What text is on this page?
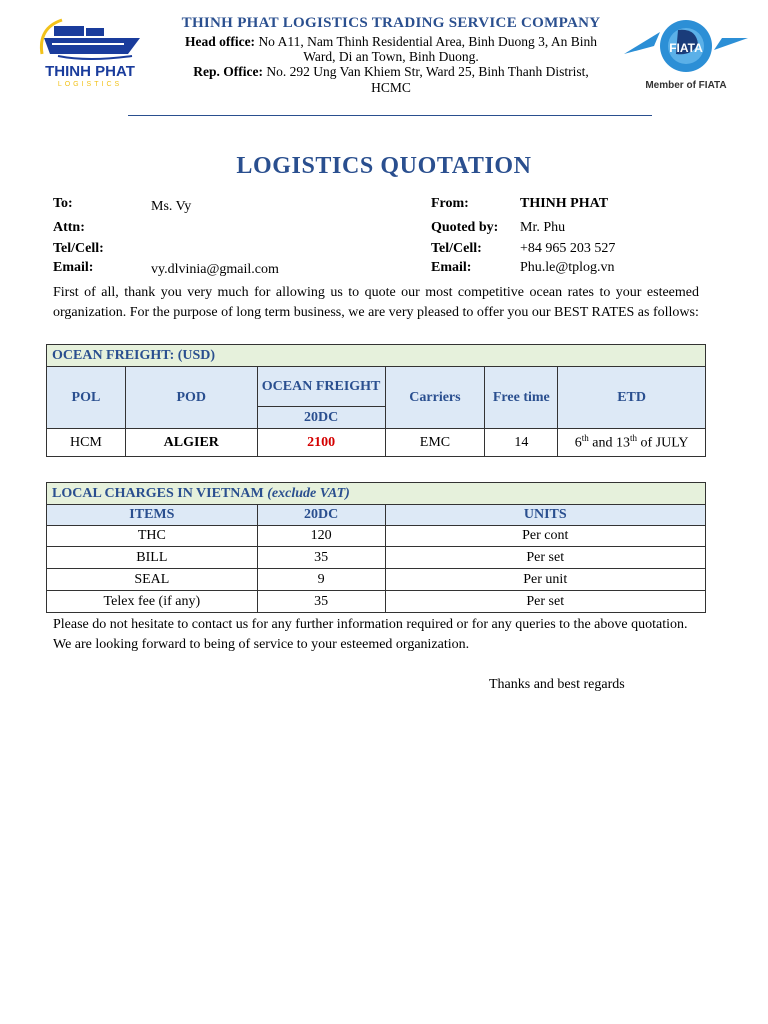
THINH PHAT
LOGISTICS
THINH PHAT LOGISTICS TRADING SERVICE COMPANY
Head office: No A11, Nam Thinh Residential Area, Binh Duong 3, An Binh
Ward, Di an Town, Binh Duong.
Rep. Office: No. 292 Ung Van Khiem Str, Ward 25, Binh Thanh Distrist,
HCMC
FIATA
Member of FIATA
LOGISTICS QUOTATION
To:	Ms. Vy
Attn:
Tel/Cell:
Email:	vy.dlvinia@gmail.com
From:	THINH PHAT
Quoted by: Mr. Phu
Tel/Cell:	+84 965 203 527
Email:	Phu.le@tplog.vn
First of all, thank you very much for allowing us to quote our most competitive ocean rates to your esteemed organization. For the purpose of long term business, we are very pleased to offer you our BEST RATES as follows:
OCEAN FREIGHT: (USD)					
POL	POD	OCEAN FREIGHT	Carriers	Free time	ETD
		20DC			
HCM	ALGIER	2100	EMC	14	6th and 13th of JULY
LOCAL CHARGES IN VIETNAM (exclude VAT)		
ITEMS	20DC	UNITS
THC	120	Per cont
BILL	35	Per set
SEAL	9	Per unit
Telex fee (if any)	35	Per set
Please do not hesitate to contact us for any further information required or for any queries to the above quotation. We are looking forward to being of service to your esteemed organization.
Thanks and best regards
